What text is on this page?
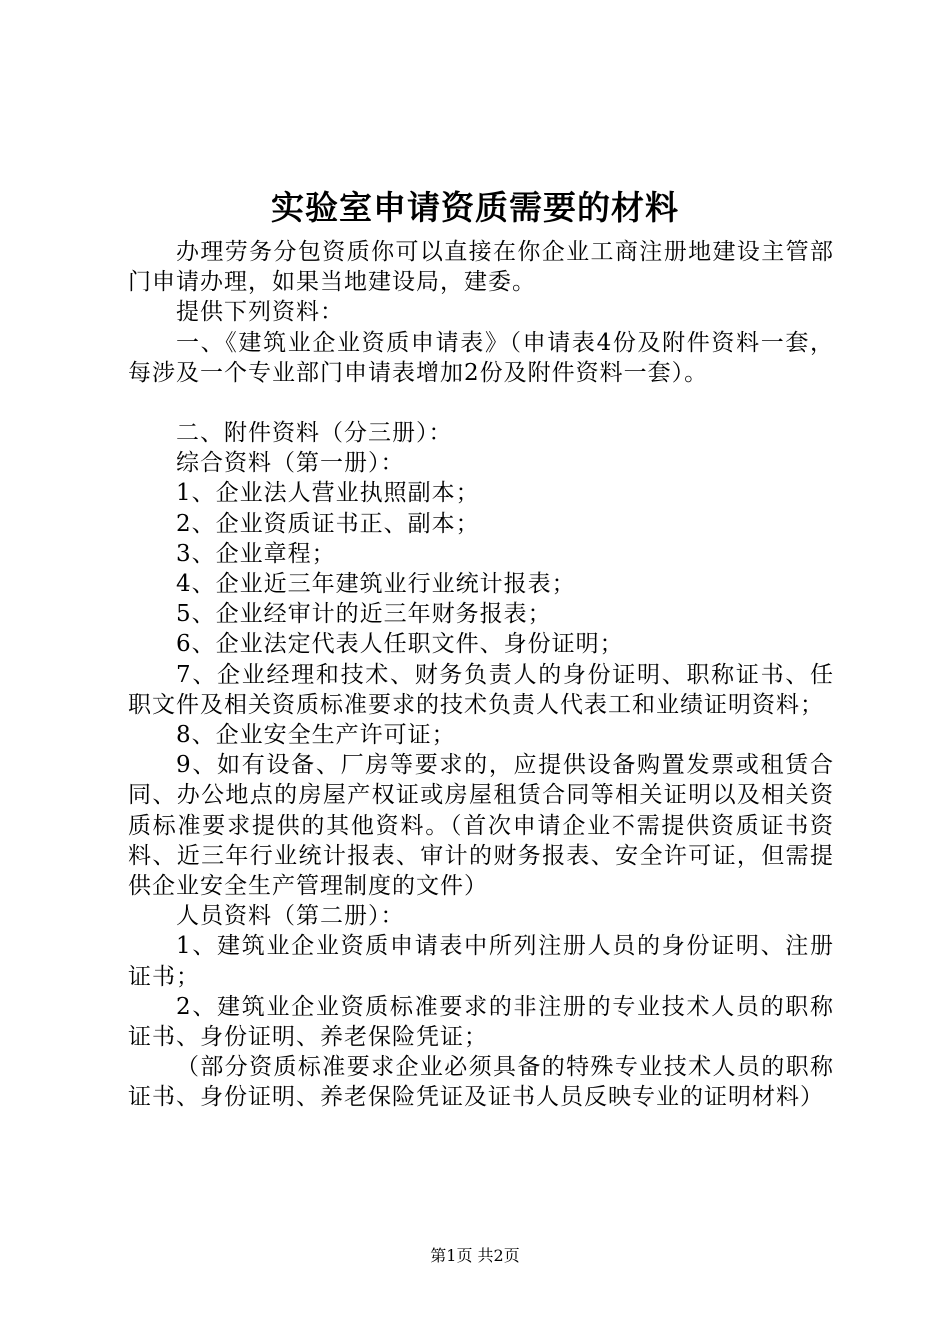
实验室申请资质需要的材料

办理劳务分包资质你可以直接在你企业工商注册地建设主管部门申请办理，如果当地建设局，建委。

提供下列资料：

一、《建筑业企业资质申请表》（申请表4份及附件资料一套，每涉及一个专业部门申请表增加2份及附件资料一套）。

二、附件资料（分三册）：

综合资料（第一册）：

1、企业法人营业执照副本；

2、企业资质证书正、副本；

3、企业章程；

4、企业近三年建筑业行业统计报表；

5、企业经审计的近三年财务报表；

6、企业法定代表人任职文件、身份证明；

7、企业经理和技术、财务负责人的身份证明、职称证书、任职文件及相关资质标准要求的技术负责人代表工和业绩证明资料；

8、企业安全生产许可证；

9、如有设备、厂房等要求的，应提供设备购置发票或租赁合同、办公地点的房屋产权证或房屋租赁合同等相关证明以及相关资质标准要求提供的其他资料。（首次申请企业不需提供资质证书资料、近三年行业统计报表、审计的财务报表、安全许可证，但需提供企业安全生产管理制度的文件）

人员资料（第二册）：

1、建筑业企业资质申请表中所列注册人员的身份证明、注册证书；

2、建筑业企业资质标准要求的非注册的专业技术人员的职称证书、身份证明、养老保险凭证；

（部分资质标准要求企业必须具备的特殊专业技术人员的职称证书、身份证明、养老保险凭证及证书人员反映专业的证明材料）

第1页 共2页
